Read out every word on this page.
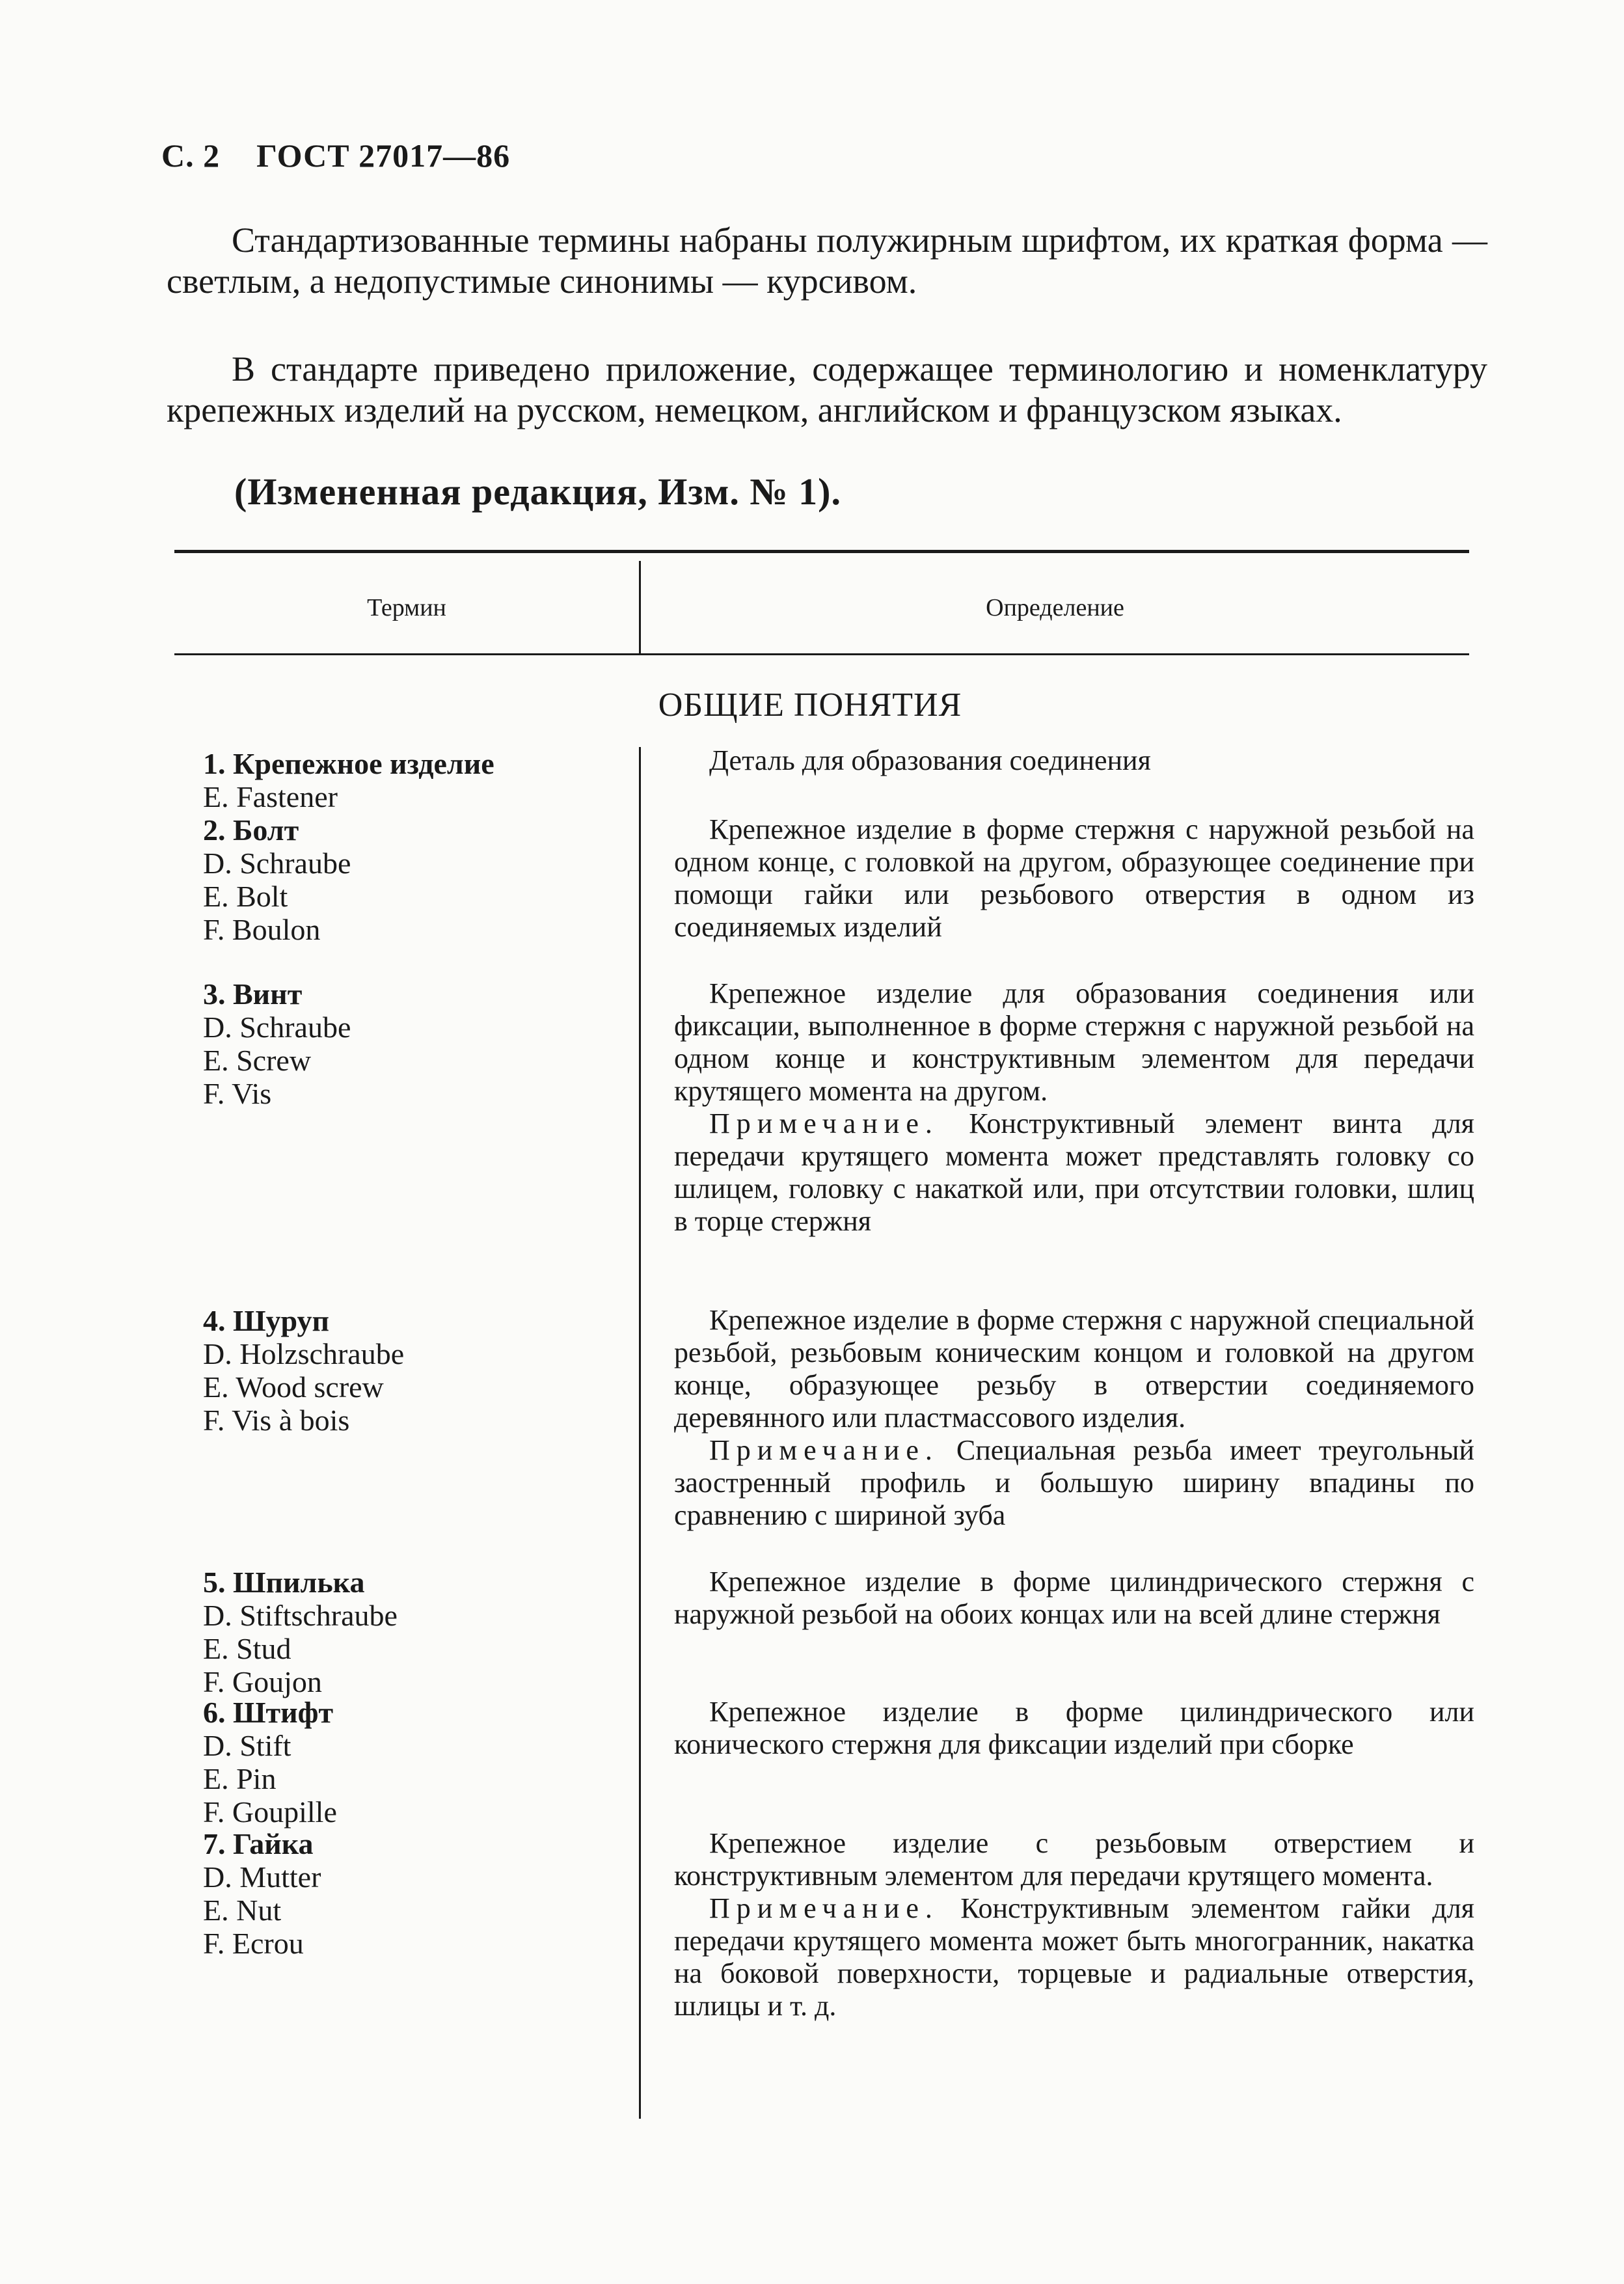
С. 2 ГОСТ 27017—86
Стандартизованные термины набраны полужирным шрифтом, их краткая форма — светлым, а недопустимые синонимы — курсивом.
В стандарте приведено приложение, содержащее терминологию и номенклатуру крепежных изделий на русском, немецком, английском и французском языках.
(Измененная редакция, Изм. № 1).
Термин	Определение
ОБЩИЕ ПОНЯТИЯ
1. Крепежное изделие
E. Fastener
Деталь для образования соединения
2. Болт
D. Schraube
E. Bolt
F. Boulon
Крепежное изделие в форме стержня с наружной резьбой на одном конце, с головкой на другом, образующее соединение при помощи гайки или резьбового отверстия в одном из соединяемых изделий
3. Винт
D. Schraube
E. Screw
F. Vis
Крепежное изделие для образования соединения или фиксации, выполненное в форме стержня с наружной резьбой на одном конце и конструктивным элементом для передачи крутящего момента на другом.
Примечание. Конструктивный элемент винта для передачи крутящего момента может представлять головку со шлицем, головку с накаткой или, при отсутствии головки, шлиц в торце стержня
4. Шуруп
D. Holzschraube
E. Wood screw
F. Vis à bois
Крепежное изделие в форме стержня с наружной специальной резьбой, резьбовым коническим концом и головкой на другом конце, образующее резьбу в отверстии соединяемого деревянного или пластмассового изделия.
Примечание. Специальная резьба имеет треугольный заостренный профиль и большую ширину впадины по сравнению с шириной зуба
5. Шпилька
D. Stiftschraube
E. Stud
F. Goujon
Крепежное изделие в форме цилиндрического стержня с наружной резьбой на обоих концах или на всей длине стержня
6. Штифт
D. Stift
E. Pin
F. Goupille
Крепежное изделие в форме цилиндрического или конического стержня для фиксации изделий при сборке
7. Гайка
D. Mutter
E. Nut
F. Ecrou
Крепежное изделие с резьбовым отверстием и конструктивным элементом для передачи крутящего момента.
Примечание. Конструктивным элементом гайки для передачи крутящего момента может быть многогранник, накатка на боковой поверхности, торцевые и радиальные отверстия, шлицы и т. д.
